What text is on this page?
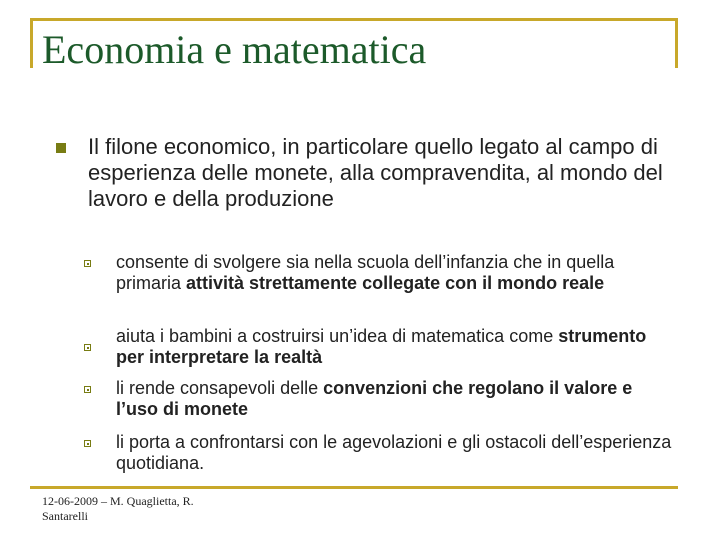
Economia e matematica
Il filone economico, in particolare quello legato al campo di esperienza delle monete, alla compravendita, al mondo del lavoro e della produzione
consente di svolgere sia nella scuola dell’infanzia che in quella primaria attività strettamente collegate con il mondo reale
aiuta i bambini a costruirsi un’idea di matematica come strumento per interpretare la realtà
li rende consapevoli delle convenzioni che regolano il valore e l’uso di monete
li porta a confrontarsi con le agevolazioni e gli ostacoli dell’esperienza quotidiana.
12-06-2009 – M. Quaglietta, R. Santarelli
